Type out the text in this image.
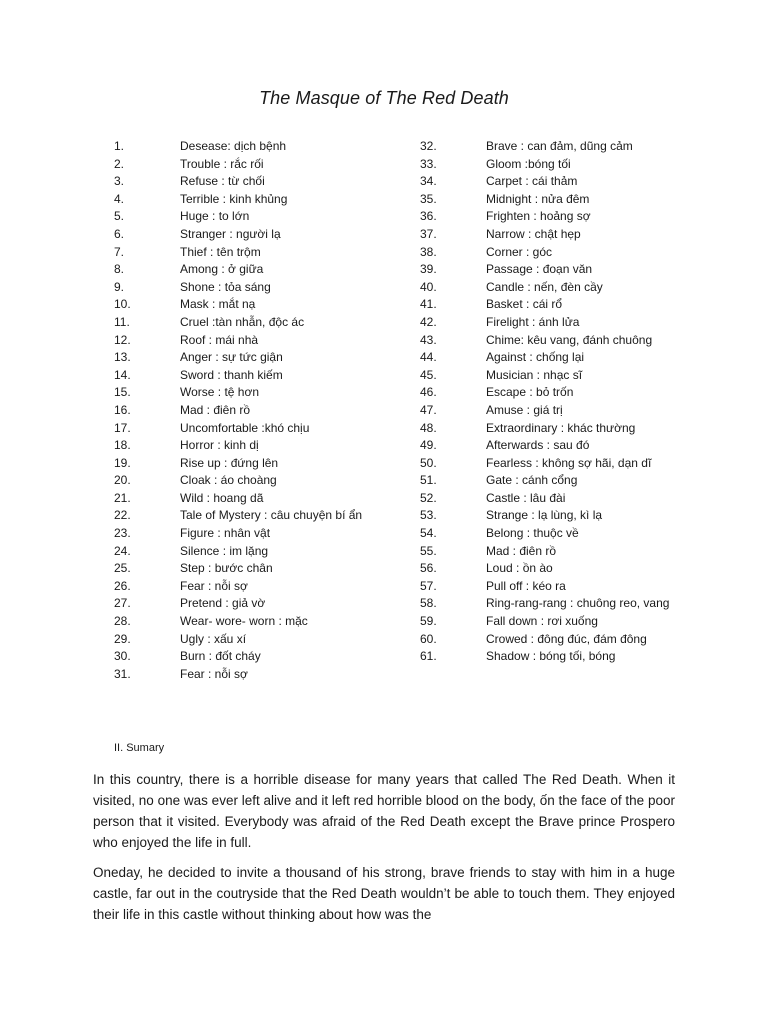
The Masque of The Red Death
1.	Desease: dịch bệnh
2.	Trouble : rắc rối
3.	Refuse : từ chối
4.	Terrible : kinh khủng
5.	Huge : to lớn
6.	Stranger : người lạ
7.	Thief : tên trộm
8.	Among : ở giữa
9.	Shone : tỏa sáng
10.	Mask : mắt nạ
11.	Cruel :tàn nhẫn, độc ác
12.	Roof : mái nhà
13.	Anger : sự tức giận
14.	Sword : thanh kiếm
15.	Worse : tệ hơn
16.	Mad : điên rồ
17.	Uncomfortable :khó chịu
18.	Horror : kinh dị
19.	Rise up : đứng lên
20.	Cloak : áo choàng
21.	Wild : hoang dã
22.	Tale of Mystery : câu chuyện bí ẩn
23.	Figure : nhân vật
24.	Silence : im lặng
25.	Step : bước chân
26.	Fear : nỗi sợ
27.	Pretend : giả vờ
28.	Wear- wore- worn : mặc
29.	Ugly : xấu xí
30.	Burn : đốt cháy
31.	Fear : nỗi sợ
32.	Brave : can đảm, dũng cảm
33.	Gloom :bóng tối
34.	Carpet : cái thảm
35.	Midnight : nửa đêm
36.	Frighten : hoảng sợ
37.	Narrow : chật hẹp
38.	Corner : góc
39.	Passage : đoạn văn
40.	Candle : nến, đèn cầy
41.	Basket : cái rổ
42.	Firelight : ánh lửa
43.	Chime: kêu vang, đánh chuông
44.	Against : chống lại
45.	Musician : nhạc sĩ
46.	Escape : bỏ trốn
47.	Amuse : giá trị
48.	Extraordinary : khác thường
49.	Afterwards : sau đó
50.	Fearless : không sợ hãi, dạn dĩ
51.	Gate : cánh cổng
52.	Castle : lâu đài
53.	Strange : lạ lùng, kì lạ
54.	Belong : thuộc về
55.	Mad : điên rồ
56.	Loud : ồn ào
57.	Pull off : kéo ra
58.	Ring-rang-rang : chuông reo, vang
59.	Fall down : rơi xuống
60.	Crowed : đông đúc, đám đông
61.	Shadow : bóng tối, bóng
II. Sumary

In this country, there is a horrible disease for many years that called The Red Death. When it visited, no one was ever left alive and it left red horrible blood on the body, ốn the face of the poor person that it visited. Everybody was afraid of the Red Death except the Brave prince Prospero who enjoyed the life in full.

Oneday, he decided to invite a thousand of his strong, brave friends to stay with him in a huge castle, far out in the coutryside that the Red Death wouldn’t be able to touch them. They enjoyed their life in this castle without thinking about how was the
